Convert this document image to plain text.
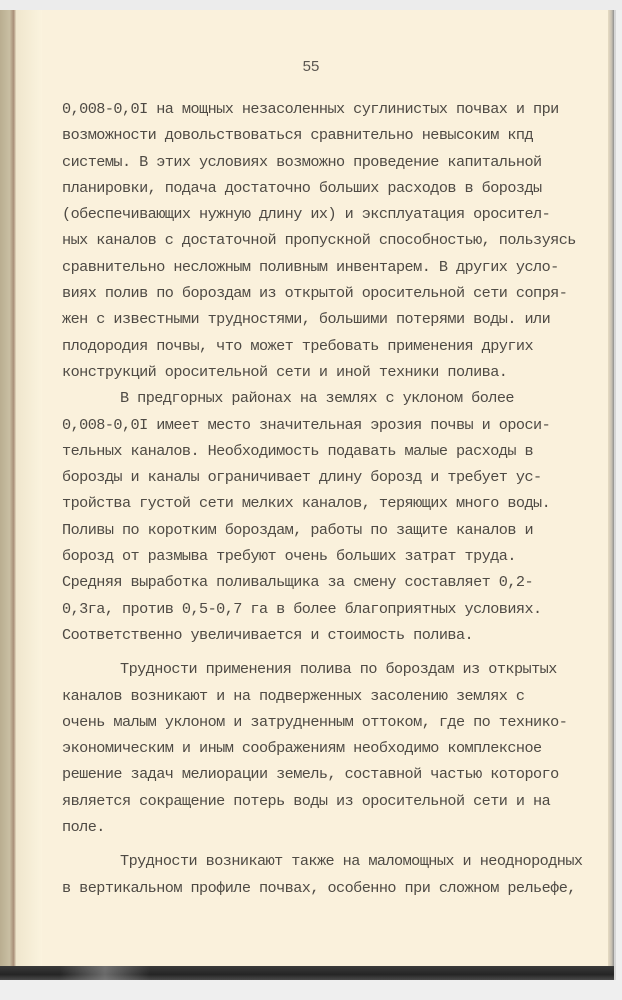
55
0,008-0,0I на мощных незасоленных суглинистых почвах и при
возможности довольствоваться сравнительно невысоким кпд
системы. В этих условиях возможно проведение капитальной
планировки, подача достаточно больших расходов в борозды
(обеспечивающих нужную длину их) и эксплуатация оросител-
ных каналов с достаточной пропускной способностью, пользуясь
сравнительно несложным поливным инвентарем. В других усло-
виях полив по бороздам из открытой оросительной сети сопря-
жен с известными трудностями, большими потерями воды. или
плодородия почвы, что может требовать применения других
конструкций оросительной сети и иной техники полива.
В предгорных районах на землях с уклоном более
0,008-0,0I имеет место значительная эрозия почвы и ороси-
тельных каналов. Необходимость подавать малые расходы в
борозды и каналы ограничивает длину борозд и требует ус-
тройства густой сети мелких каналов, теряющих много воды.
Поливы по коротким бороздам, работы по защите каналов и
борозд от размыва требуют очень больших затрат труда.
Средняя выработка поливальщика за смену составляет 0,2-
0,3га, против 0,5-0,7 га в более благоприятных условиях.
Соответственно увеличивается и стоимость полива.
Трудности применения полива по бороздам из открытых
каналов возникают и на подверженных засолению землях с
очень малым уклоном и затрудненным оттоком, где по технико-
экономическим и иным соображениям необходимо комплексное
решение задач мелиорации земель, составной частью которого
является сокращение потерь воды из оросительной сети и на
поле.
Трудности возникают также на маломощных и неоднородных
в вертикальном профиле почвах, особенно при сложном рельефе,
